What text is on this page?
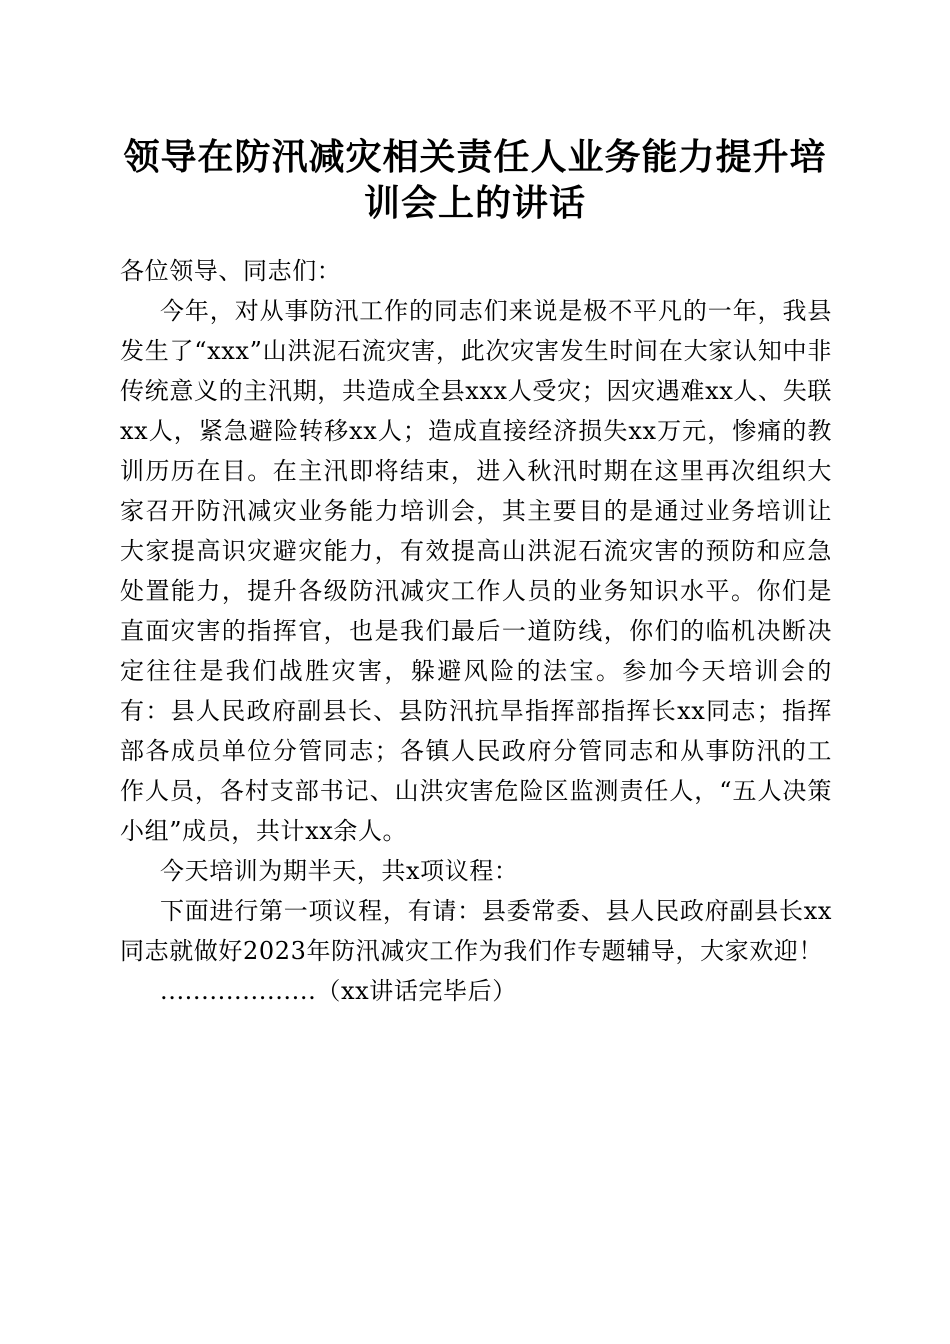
领导在防汛减灾相关责任人业务能力提升培训会上的讲话

各位领导、同志们：

今年，对从事防汛工作的同志们来说是极不平凡的一年，我县发生了“xxx”山洪泥石流灾害，此次灾害发生时间在大家认知中非传统意义的主汛期，共造成全县xxx人受灾；因灾遇难xx人、失联xx人，紧急避险转移xx人；造成直接经济损失xx万元，惨痛的教训历历在目。在主汛即将结束，进入秋汛时期在这里再次组织大家召开防汛减灾业务能力培训会，其主要目的是通过业务培训让大家提高识灾避灾能力，有效提高山洪泥石流灾害的预防和应急处置能力，提升各级防汛减灾工作人员的业务知识水平。你们是直面灾害的指挥官，也是我们最后一道防线，你们的临机决断决定往往是我们战胜灾害，躲避风险的法宝。参加今天培训会的有：县人民政府副县长、县防汛抗旱指挥部指挥长xx同志；指挥部各成员单位分管同志；各镇人民政府分管同志和从事防汛的工作人员，各村支部书记、山洪灾害危险区监测责任人，“五人决策小组”成员，共计xx余人。

今天培训为期半天，共x项议程：

下面进行第一项议程，有请：县委常委、县人民政府副县长xx同志就做好2023年防汛减灾工作为我们作专题辅导，大家欢迎！

...................（xx讲话完毕后）
